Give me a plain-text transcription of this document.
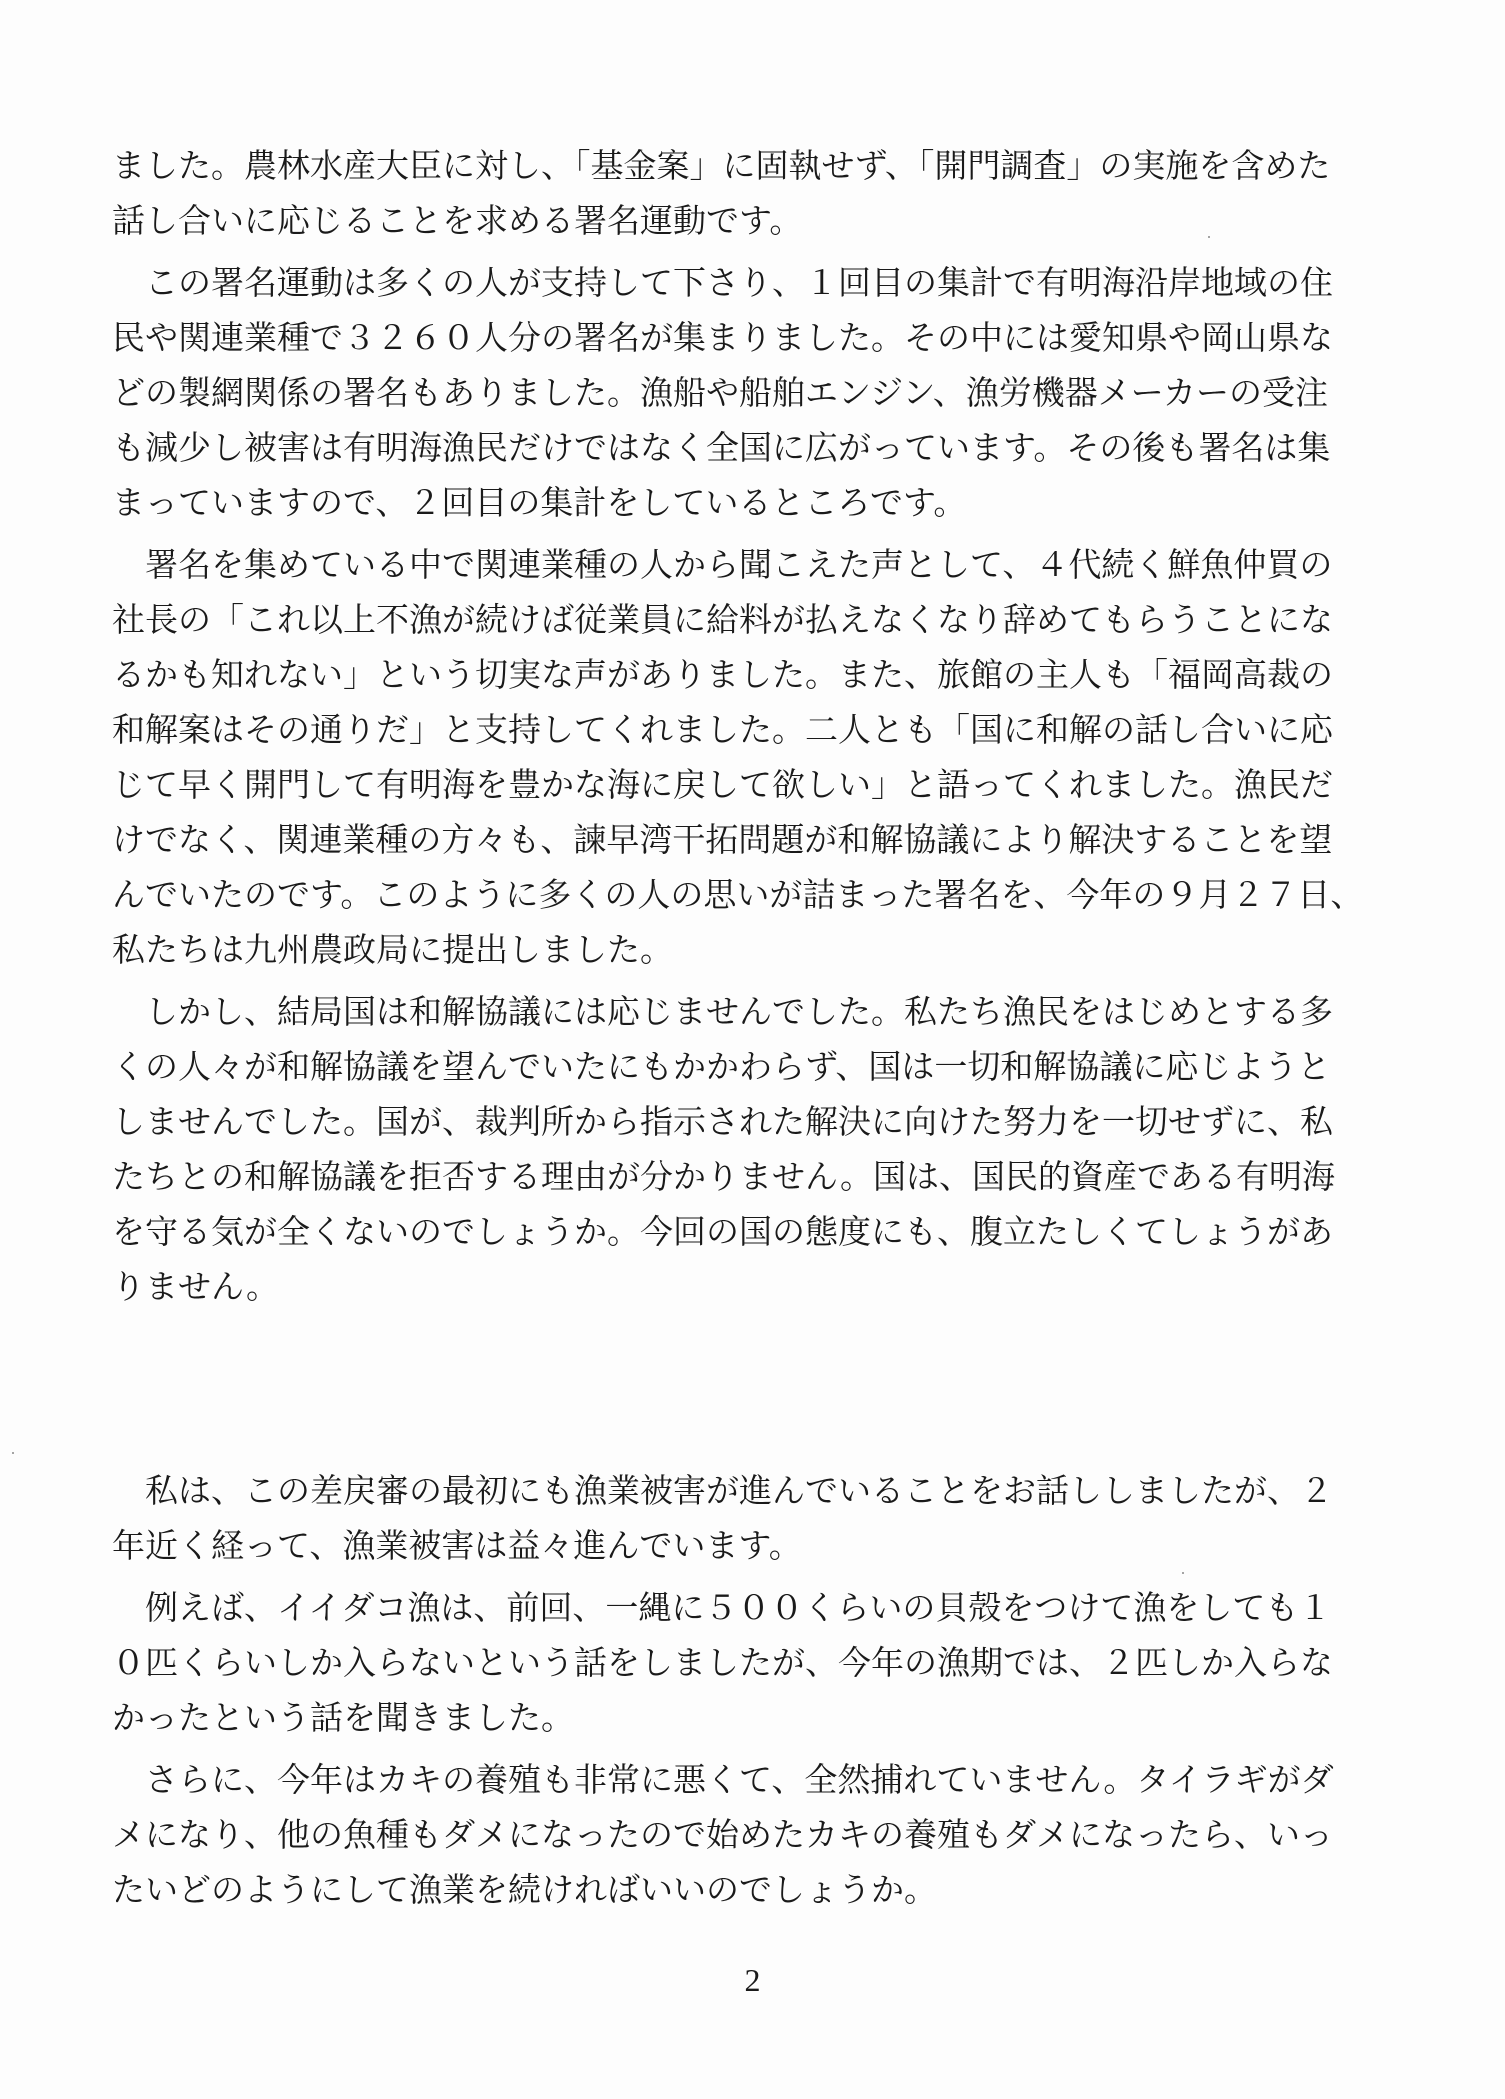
ました。農林水産大臣に対し、「基金案」に固執せず、「開門調査」の実施を含めた
話し合いに応じることを求める署名運動です。
　この署名運動は多くの人が支持して下さり、１回目の集計で有明海沿岸地域の住
民や関連業種で３２６０人分の署名が集まりました。その中には愛知県や岡山県な
どの製網関係の署名もありました。漁船や船舶エンジン、漁労機器メーカーの受注
も減少し被害は有明海漁民だけではなく全国に広がっています。その後も署名は集
まっていますので、２回目の集計をしているところです。
　署名を集めている中で関連業種の人から聞こえた声として、４代続く鮮魚仲買の
社長の「これ以上不漁が続けば従業員に給料が払えなくなり辞めてもらうことにな
るかも知れない」という切実な声がありました。また、旅館の主人も「福岡高裁の
和解案はその通りだ」と支持してくれました。二人とも「国に和解の話し合いに応
じて早く開門して有明海を豊かな海に戻して欲しい」と語ってくれました。漁民だ
けでなく、関連業種の方々も、諫早湾干拓問題が和解協議により解決することを望
んでいたのです。このように多くの人の思いが詰まった署名を、今年の９月２７日、
私たちは九州農政局に提出しました。
　しかし、結局国は和解協議には応じませんでした。私たち漁民をはじめとする多
くの人々が和解協議を望んでいたにもかかわらず、国は一切和解協議に応じようと
しませんでした。国が、裁判所から指示された解決に向けた努力を一切せずに、私
たちとの和解協議を拒否する理由が分かりません。国は、国民的資産である有明海
を守る気が全くないのでしょうか。今回の国の態度にも、腹立たしくてしょうがあ
りません。
　私は、この差戻審の最初にも漁業被害が進んでいることをお話ししましたが、２
年近く経って、漁業被害は益々進んでいます。
　例えば、イイダコ漁は、前回、一縄に５００くらいの貝殻をつけて漁をしても１
０匹くらいしか入らないという話をしましたが、今年の漁期では、２匹しか入らな
かったという話を聞きました。
　さらに、今年はカキの養殖も非常に悪くて、全然捕れていません。タイラギがダ
メになり、他の魚種もダメになったので始めたカキの養殖もダメになったら、いっ
たいどのようにして漁業を続ければいいのでしょうか。
2
